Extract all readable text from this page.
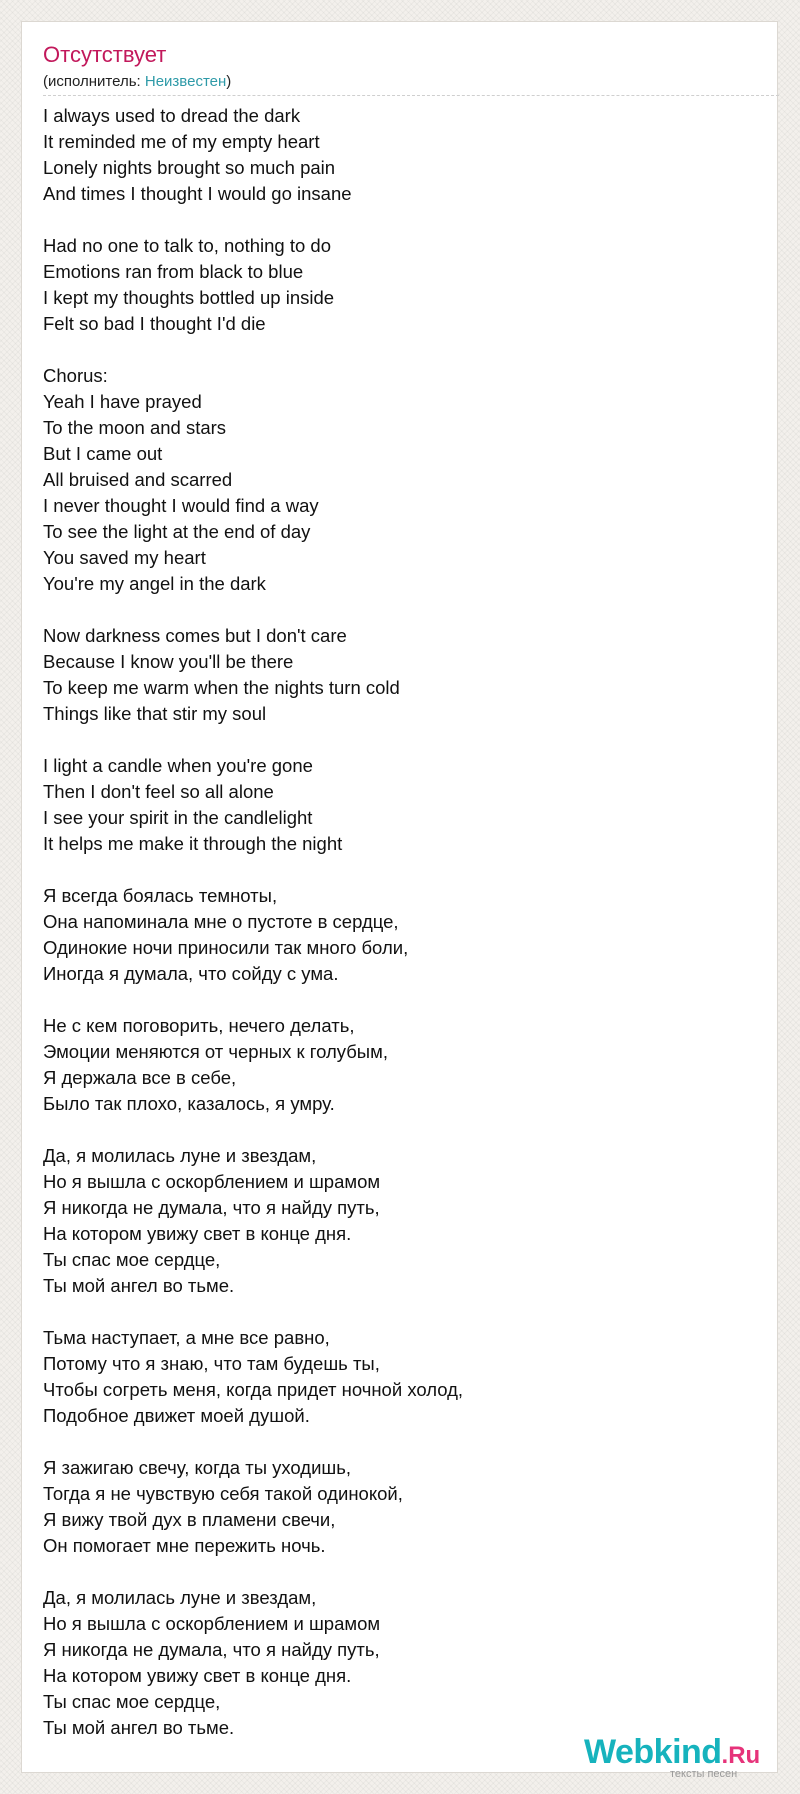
Отсутствует
(исполнитель: Неизвестен)
I always used to dread the dark
It reminded me of my empty heart
Lonely nights brought so much pain
And times I thought I would go insane
Had no one to talk to, nothing to do
Emotions ran from black to blue
I kept my thoughts bottled up inside
Felt so bad I thought I'd die
Chorus:
Yeah I have prayed
To the moon and stars
But I came out
All bruised and scarred
I never thought I would find a way
To see the light at the end of day
You saved my heart
You're my angel in the dark
Now darkness comes but I don't care
Because I know you'll be there
To keep me warm when the nights turn cold
Things like that stir my soul
I light a candle when you're gone
Then I don't feel so all alone
I see your spirit in the candlelight
It helps me make it through the night
Я всегда боялась темноты,
Она напоминала мне о пустоте в сердце,
Одинокие ночи приносили так много боли,
Иногда я думала, что сойду с ума.
Не с кем поговорить, нечего делать,
Эмоции меняются от черных к голубым,
Я держала все в себе,
Было так плохо, казалось, я умру.
Да, я молилась луне и звездам,
Но я вышла с оскорблением и шрамом
Я никогда не думала, что я найду путь,
На котором увижу свет в конце дня.
Ты спас мое сердце,
Ты мой ангел во тьме.
Тьма наступает, а мне все равно,
Потому что я знаю, что там будешь ты,
Чтобы согреть меня, когда придет ночной холод,
Подобное движет моей душой.
Я зажигаю свечу, когда ты уходишь,
Тогда я не чувствую себя такой одинокой,
Я вижу твой дух в пламени свечи,
Он помогает мне пережить ночь.
Да, я молилась луне и звездам,
Но я вышла с оскорблением и шрамом
Я никогда не думала, что я найду путь,
На котором увижу свет в конце дня.
Ты спас мое сердце,
Ты мой ангел во тьме.
Webkind.Ru
тексты песен
